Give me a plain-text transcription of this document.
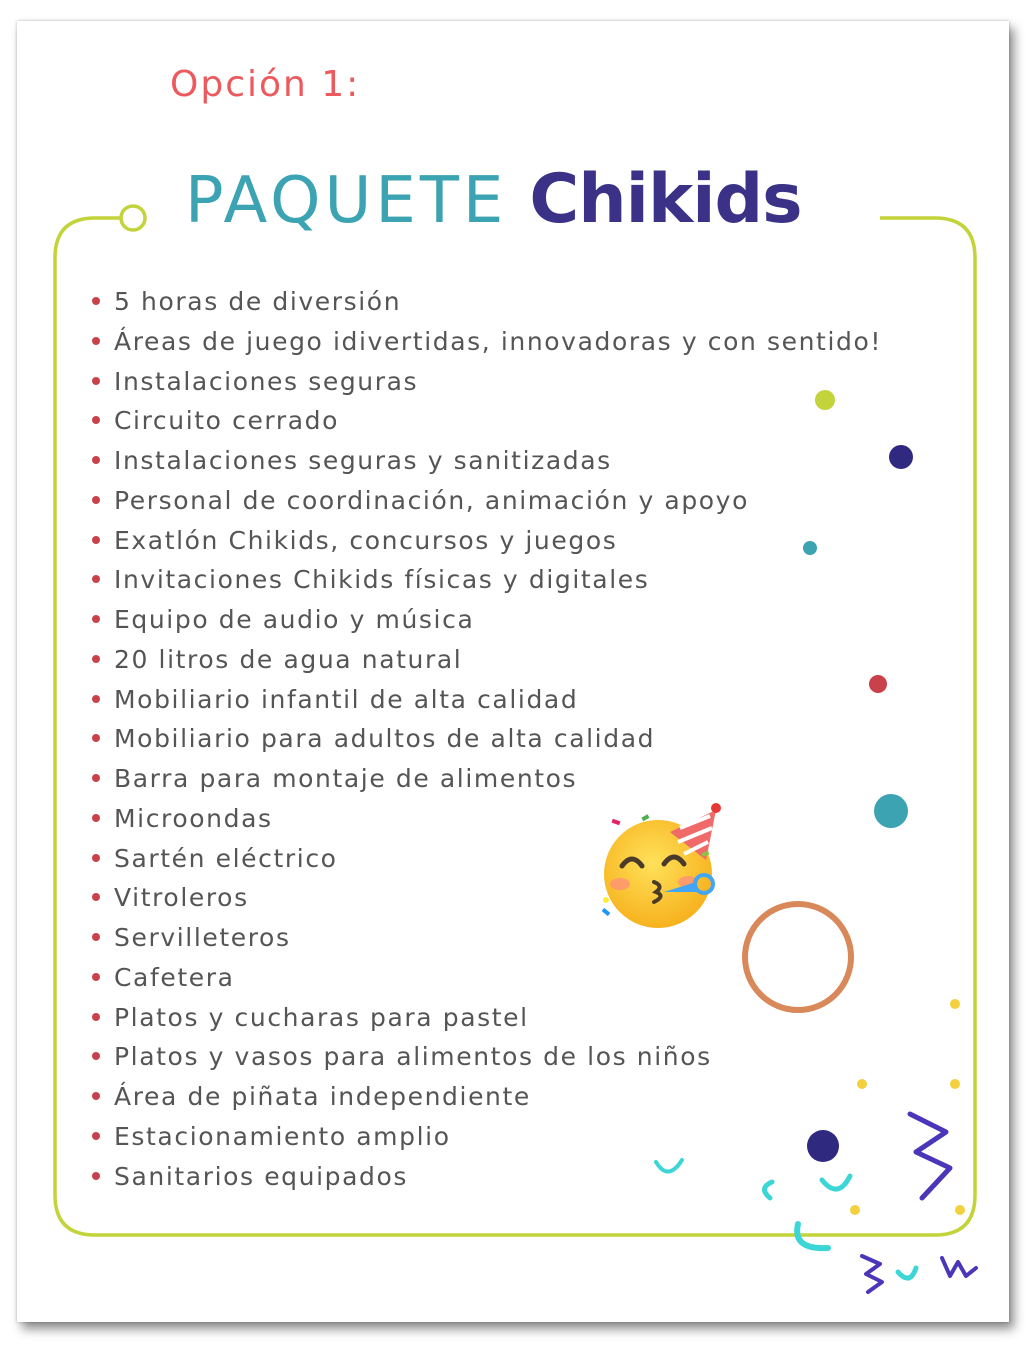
Opción 1:
PAQUETE Chikids
5 horas de diversión
Áreas de juego idivertidas, innovadoras y con sentido!
Instalaciones seguras
Circuito cerrado
Instalaciones seguras y sanitizadas
Personal de coordinación, animación y apoyo
Exatlón Chikids, concursos y juegos
Invitaciones Chikids físicas y digitales
Equipo de audio y música
20 litros de agua natural
Mobiliario infantil de alta calidad
Mobiliario para adultos de alta calidad
Barra para montaje de alimentos
Microondas
Sartén eléctrico
Vitroleros
Servilleteros
Cafetera
Platos y cucharas para pastel
Platos y vasos para alimentos de los niños
Área de piñata independiente
Estacionamiento amplio
Sanitarios equipados
